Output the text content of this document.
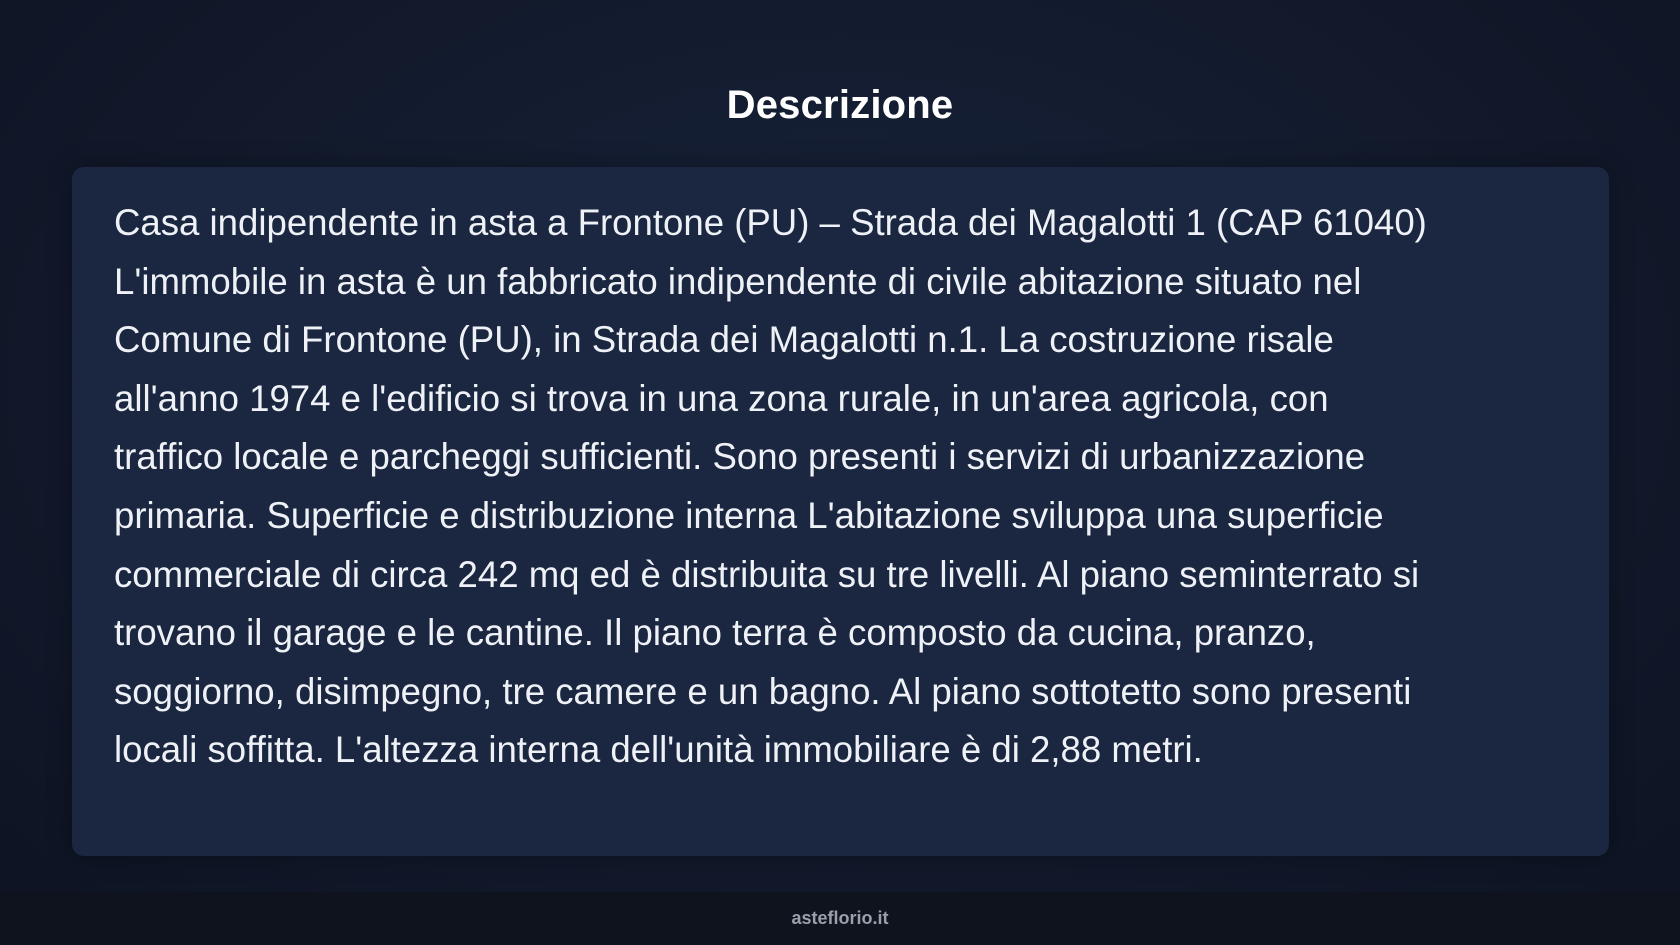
Descrizione

Casa indipendente in asta a Frontone (PU) – Strada dei Magalotti 1 (CAP 61040)
L'immobile in asta è un fabbricato indipendente di civile abitazione situato nel
Comune di Frontone (PU), in Strada dei Magalotti n.1. La costruzione risale
all'anno 1974 e l'edificio si trova in una zona rurale, in un'area agricola, con
traffico locale e parcheggi sufficienti. Sono presenti i servizi di urbanizzazione
primaria. Superficie e distribuzione interna L'abitazione sviluppa una superficie
commerciale di circa 242 mq ed è distribuita su tre livelli. Al piano seminterrato si
trovano il garage e le cantine. Il piano terra è composto da cucina, pranzo,
soggiorno, disimpegno, tre camere e un bagno. Al piano sottotetto sono presenti
locali soffitta. L'altezza interna dell'unità immobiliare è di 2,88 metri.

asteflorio.it
